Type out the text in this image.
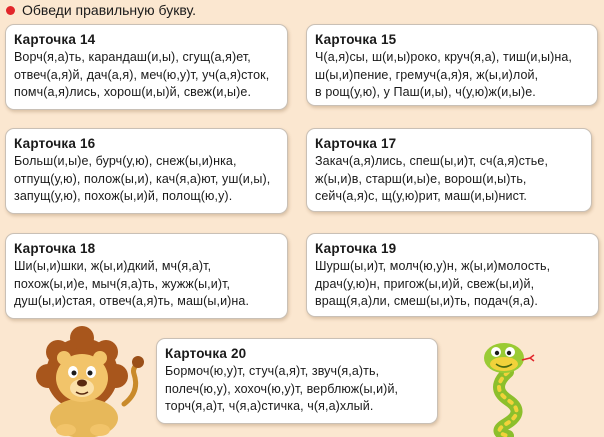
Обведи правильную букву.
Карточка 14
Ворч(я,а)ть, карандаш(и,ы), сгущ(а,я)ет,
отвеч(а,я)й, дач(а,я), меч(ю,у)т, уч(а,я)сток,
помч(а,я)лись, хорош(и,ы)й, свеж(и,ы)е.
Карточка 15
Ч(а,я)сы, ш(и,ы)роко, круч(я,а), тиш(и,ы)на,
ш(ы,и)пение, гремуч(а,я)я, ж(ы,и)лой,
в рощ(у,ю), у Паш(и,ы), ч(у,ю)ж(и,ы)е.
Карточка 16
Больш(и,ы)е, бурч(у,ю), снеж(ы,и)нка,
отпущ(у,ю), полож(ы,и), кач(я,а)ют, уш(и,ы),
запущ(у,ю), похож(ы,и)й, полощ(ю,у).
Карточка 17
Закач(а,я)лись, спеш(ы,и)т, сч(а,я)стье,
ж(ы,и)в, старш(и,ы)е, ворош(и,ы)ть,
сейч(а,я)с, щ(у,ю)рит, маш(и,ы)нист.
Карточка 18
Ши(ы,и)шки, ж(ы,и)дкий, мч(я,а)т,
похож(ы,и)е, мыч(я,а)ть, жужж(ы,и)т,
душ(ы,и)стая, отвеч(а,я)ть, маш(ы,и)на.
Карточка 19
Шурш(ы,и)т, молч(ю,у)н, ж(ы,и)молость,
драч(у,ю)н, пригож(ы,и)й, свеж(ы,и)й,
вращ(я,а)ли, смеш(ы,и)ть, подач(я,а).
Карточка 20
Бормоч(ю,у)т, стуч(а,я)т, звуч(я,а)ть,
полеч(ю,у), хохоч(ю,у)т, верблюж(ы,и)й,
торч(я,а)т, ч(я,а)стичка, ч(я,а)хлый.
